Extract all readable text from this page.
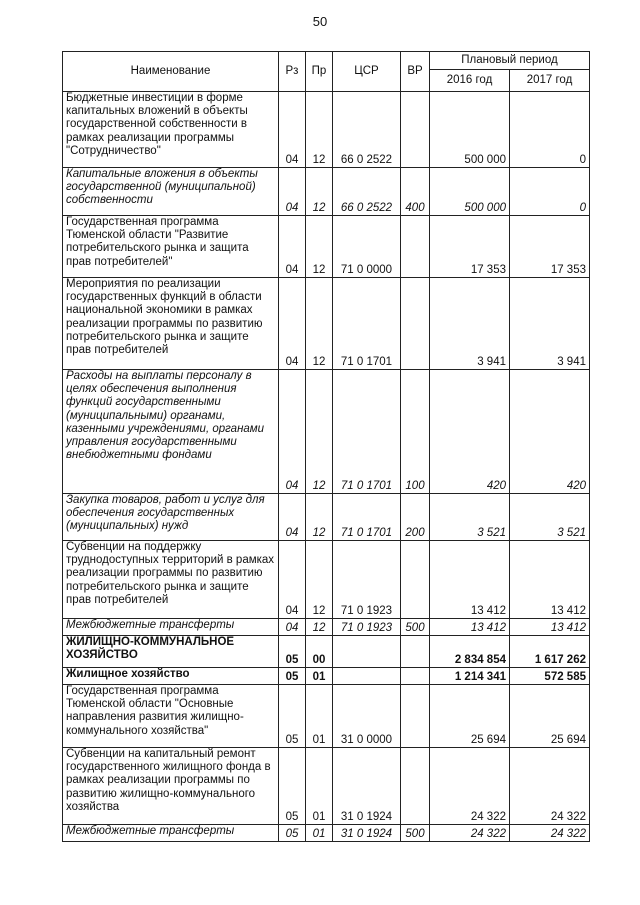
50
Наименование	Рз	Пр	ЦСР	ВР	Плановый период	
					2016 год	2017 год
Бюджетные инвестиции в форме капитальных вложений в объекты государственной собственности в рамках реализации программы "Сотрудничество"	04	12	66 0 2522		500 000	0
Капитальные вложения в объекты государственной (муниципальной) собственности	04	12	66 0 2522	400	500 000	0
Государственная программа Тюменской области "Развитие потребительского рынка и защита прав потребителей"	04	12	71 0 0000		17 353	17 353
Мероприятия по реализации государственных функций в области национальной экономики в рамках реализации программы по развитию потребительского рынка и защите прав потребителей	04	12	71 0 1701		3 941	3 941
Расходы на выплаты персоналу в целях обеспечения выполнения функций государственными (муниципальными) органами, казенными учреждениями, органами управления государственными внебюджетными фондами	04	12	71 0 1701	100	420	420
Закупка товаров, работ и услуг для обеспечения государственных (муниципальных) нужд	04	12	71 0 1701	200	3 521	3 521
Субвенции на поддержку труднодоступных территорий в рамках реализации программы по развитию потребительского рынка и защите прав потребителей	04	12	71 0 1923		13 412	13 412
Межбюджетные трансферты	04	12	71 0 1923	500	13 412	13 412
ЖИЛИЩНО-КОММУНАЛЬНОЕ ХОЗЯЙСТВО	05	00			2 834 854	1 617 262
Жилищное хозяйство	05	01			1 214 341	572 585
Государственная программа Тюменской области "Основные направления развития жилищно-коммунального хозяйства"	05	01	31 0 0000		25 694	25 694
Субвенции на капитальный ремонт государственного жилищного фонда в рамках реализации программы по развитию жилищно-коммунального хозяйства	05	01	31 0 1924		24 322	24 322
Межбюджетные трансферты	05	01	31 0 1924	500	24 322	24 322
